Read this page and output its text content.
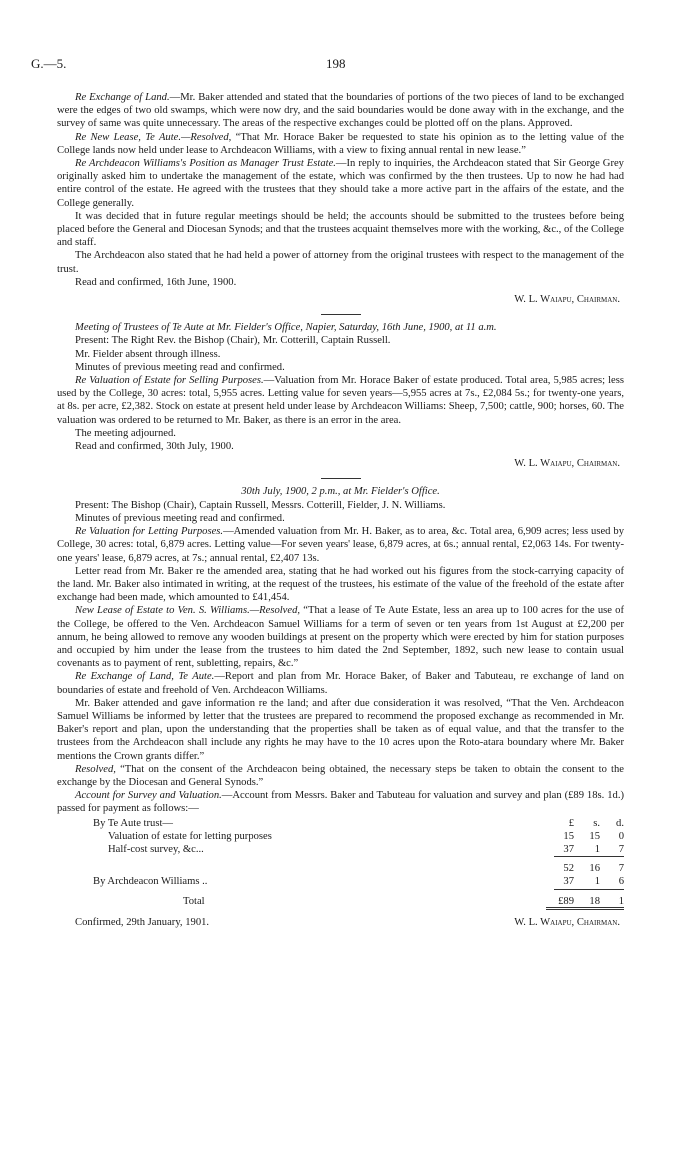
G.—5.	198

Re Exchange of Land.—Mr. Baker attended and stated that the boundaries of portions of the two pieces of land to be exchanged were the edges of two old swamps, which were now dry, and the said boundaries would be done away with in the exchange, and the survey of same was quite unnecessary. The areas of the respective exchanges could be plotted off on the plans. Approved.

Re New Lease, Te Aute.—Resolved, “That Mr. Horace Baker be requested to state his opinion as to the letting value of the College lands now held under lease to Archdeacon Williams, with a view to fixing annual rental in new lease.”

Re Archdeacon Williams's Position as Manager Trust Estate.—In reply to inquiries, the Archdeacon stated that Sir George Grey originally asked him to undertake the management of the estate, which was confirmed by the then trustees. Up to now he had had entire control of the estate. He agreed with the trustees that they should take a more active part in the affairs of the estate, and the College generally.

It was decided that in future regular meetings should be held; the accounts should be submitted to the trustees before being placed before the General and Diocesan Synods; and that the trustees acquaint themselves more with the working, &c., of the College and staff.

The Archdeacon also stated that he had held a power of attorney from the original trustees with respect to the management of the trust.

Read and confirmed, 16th June, 1900.

W. L. Waiapu, Chairman.

Meeting of Trustees of Te Aute at Mr. Fielder's Office, Napier, Saturday, 16th June, 1900, at 11 a.m.

Present: The Right Rev. the Bishop (Chair), Mr. Cotterill, Captain Russell.

Mr. Fielder absent through illness.

Minutes of previous meeting read and confirmed.

Re Valuation of Estate for Selling Purposes.—Valuation from Mr. Horace Baker of estate produced. Total area, 5,985 acres; less used by the College, 30 acres: total, 5,955 acres. Letting value for seven years—5,955 acres at 7s., £2,084 5s.; for twenty-one years, at 8s. per acre, £2,382. Stock on estate at present held under lease by Archdeacon Williams: Sheep, 7,500; cattle, 900; horses, 60. The valuation was ordered to be returned to Mr. Baker, as there is an error in the area.

The meeting adjourned.

Read and confirmed, 30th July, 1900.

W. L. Waiapu, Chairman.

30th July, 1900, 2 p.m., at Mr. Fielder's Office.

Present: The Bishop (Chair), Captain Russell, Messrs. Cotterill, Fielder, J. N. Williams.

Minutes of previous meeting read and confirmed.

Re Valuation for Letting Purposes.—Amended valuation from Mr. H. Baker, as to area, &c. Total area, 6,909 acres; less used by College, 30 acres: total, 6,879 acres. Letting value—For seven years' lease, 6,879 acres, at 6s.; annual rental, £2,063 14s. For twenty-one years' lease, 6,879 acres, at 7s.; annual rental, £2,407 13s.

Letter read from Mr. Baker re the amended area, stating that he had worked out his figures from the stock-carrying capacity of the land. Mr. Baker also intimated in writing, at the request of the trustees, his estimate of the value of the freehold of the estate after exchange had been made, which amounted to £41,454.

New Lease of Estate to Ven. S. Williams.—Resolved, “That a lease of Te Aute Estate, less an area up to 100 acres for the use of the College, be offered to the Ven. Archdeacon Samuel Williams for a term of seven or ten years from 1st August at £2,200 per annum, he being allowed to remove any wooden buildings at present on the property which were erected by him for station purposes and occupied by him under the lease from the trustees to him dated the 2nd September, 1892, such new lease to contain usual covenants as to payment of rent, subletting, repairs, &c.”

Re Exchange of Land, Te Aute.—Report and plan from Mr. Horace Baker, of Baker and Tabuteau, re exchange of land on boundaries of estate and freehold of Ven. Archdeacon Williams.

Mr. Baker attended and gave information re the land; and after due consideration it was resolved, “That the Ven. Archdeacon Samuel Williams be informed by letter that the trustees are prepared to recommend the proposed exchange as recommended in Mr. Baker's report and plan, upon the understanding that the properties shall be taken as of equal value, and that the transfer to the trustees from the Archdeacon shall include any rights he may have to the 10 acres upon the Roto-atara boundary where Mr. Baker mentions the Crown grants differ.”

Resolved, “That on the consent of the Archdeacon being obtained, the necessary steps be taken to obtain the consent to the exchange by the Diocesan and General Synods.”

Account for Survey and Valuation.—Account from Messrs. Baker and Tabuteau for valuation and survey and plan (£89 18s. 1d.) passed for payment as follows:—

By Te Aute trust—	£	s.	d.
Valuation of estate for letting purposes	15	15	0
Half-cost survey, &c...	37	1	7
52	16	7
By Archdeacon Williams ..	37	1	6
Total	£89	18	1
Confirmed, 29th January, 1901.	W. L. Waiapu, Chairman.
